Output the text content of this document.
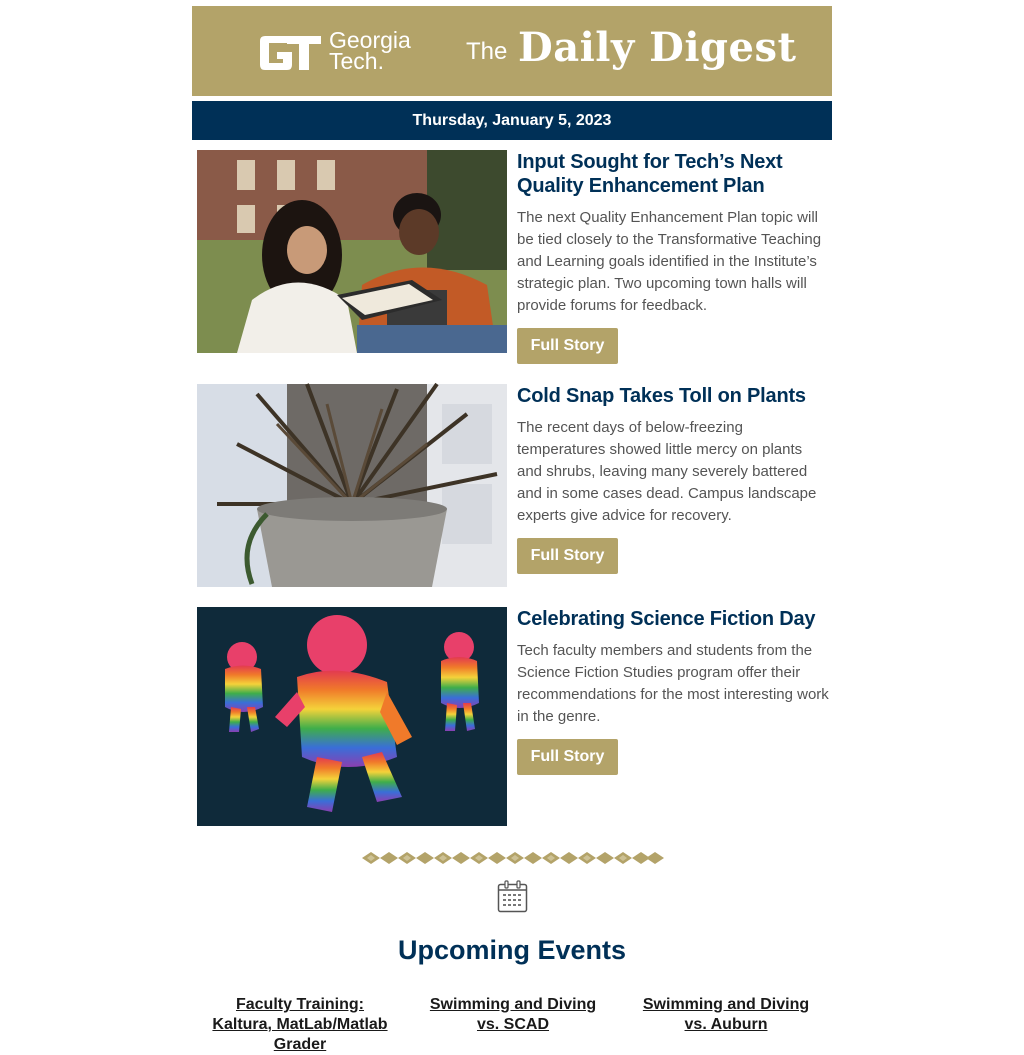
Georgia
Tech.	The Daily Digest
Thursday, January 5, 2023
Input Sought for Tech’s Next Quality Enhancement Plan

The next Quality Enhancement Plan topic will be tied closely to the Transformative Teaching and Learning goals identified in the Institute’s strategic plan. Two upcoming town halls will provide forums for feedback.

Full Story
Cold Snap Takes Toll on Plants

The recent days of below-freezing temperatures showed little mercy on plants and shrubs, leaving many severely battered and in some cases dead. Campus landscape experts give advice for recovery.

Full Story
Celebrating Science Fiction Day

Tech faculty members and students from the Science Fiction Studies program offer their recommendations for the most interesting work in the genre.

Full Story
Upcoming Events
Faculty Training: Kaltura, MatLab/Matlab Grader
Swimming and Diving vs. SCAD
Swimming and Diving vs. Auburn
